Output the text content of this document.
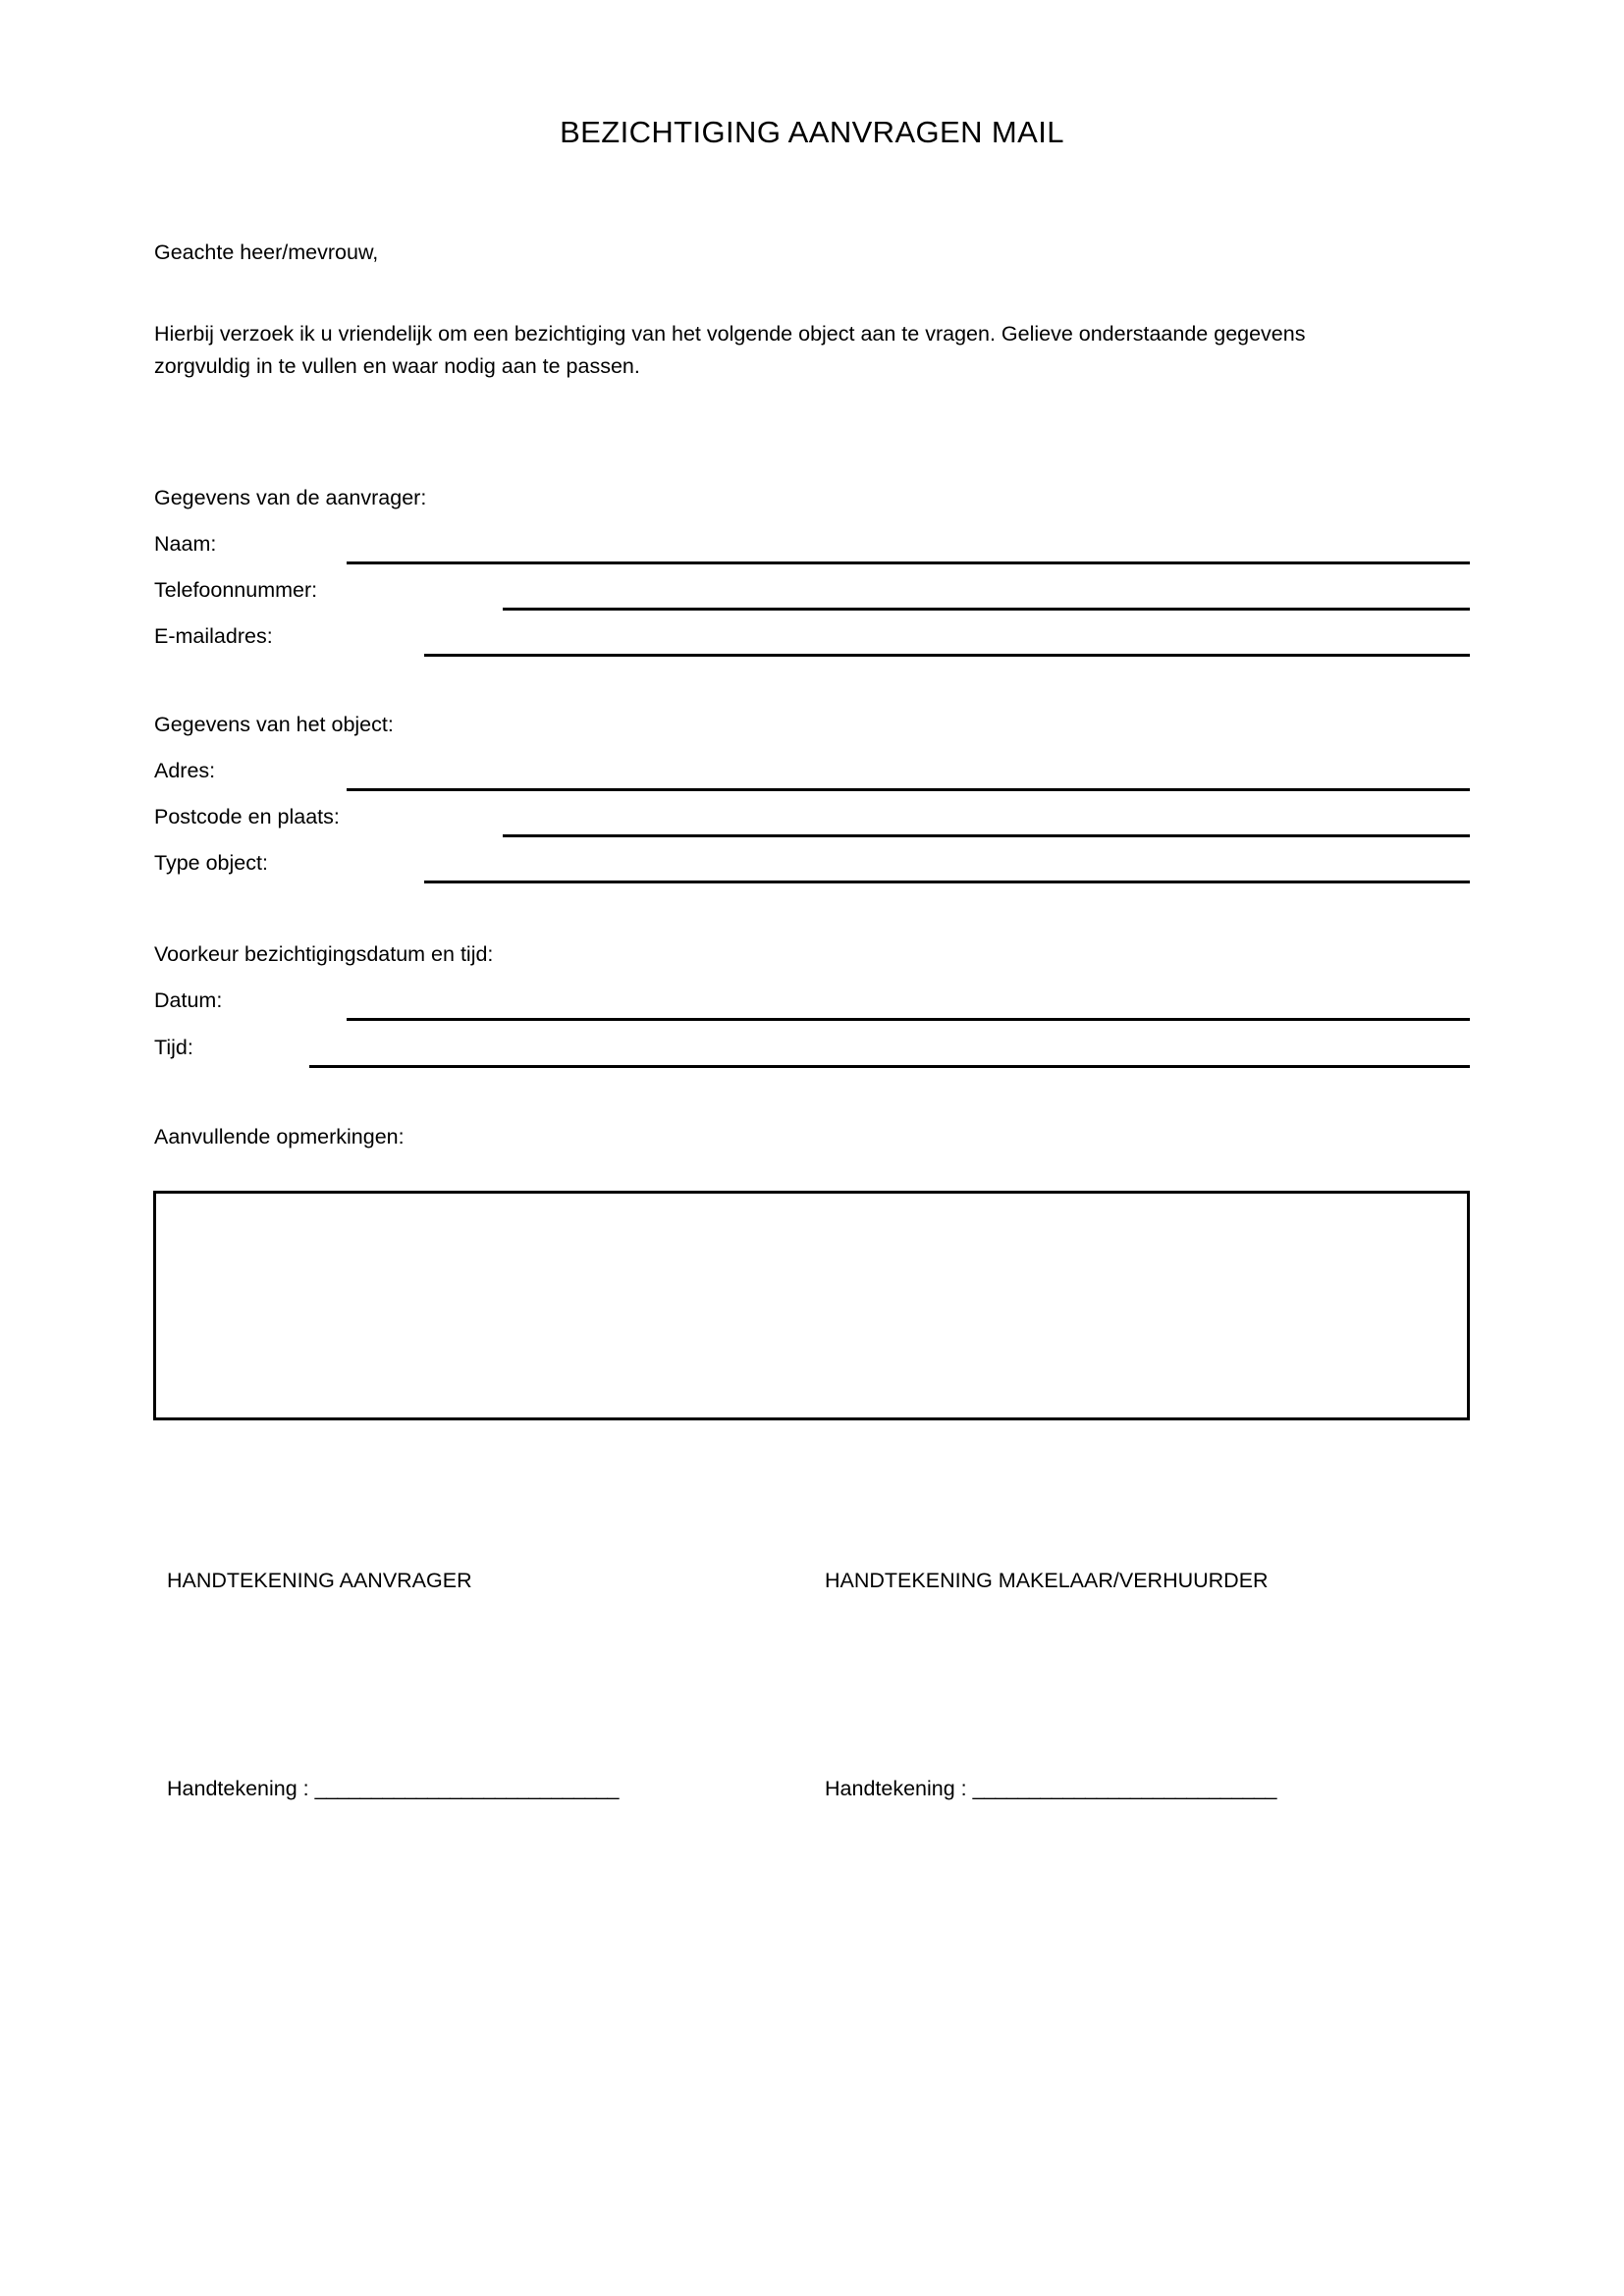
BEZICHTIGING AANVRAGEN MAIL
Geachte heer/mevrouw,
Hierbij verzoek ik u vriendelijk om een bezichtiging van het volgende object aan te vragen. Gelieve onderstaande gegevens zorgvuldig in te vullen en waar nodig aan te passen.
Gegevens van de aanvrager:
Naam:
Telefoonnummer:
E-mailadres:
Gegevens van het object:
Adres:
Postcode en plaats:
Type object:
Voorkeur bezichtigingsdatum en tijd:
Datum:
Tijd:
Aanvullende opmerkingen:
HANDTEKENING AANVRAGER	HANDTEKENING MAKELAAR/VERHUURDER
Handtekening : ___________________________	Handtekening : ___________________________
